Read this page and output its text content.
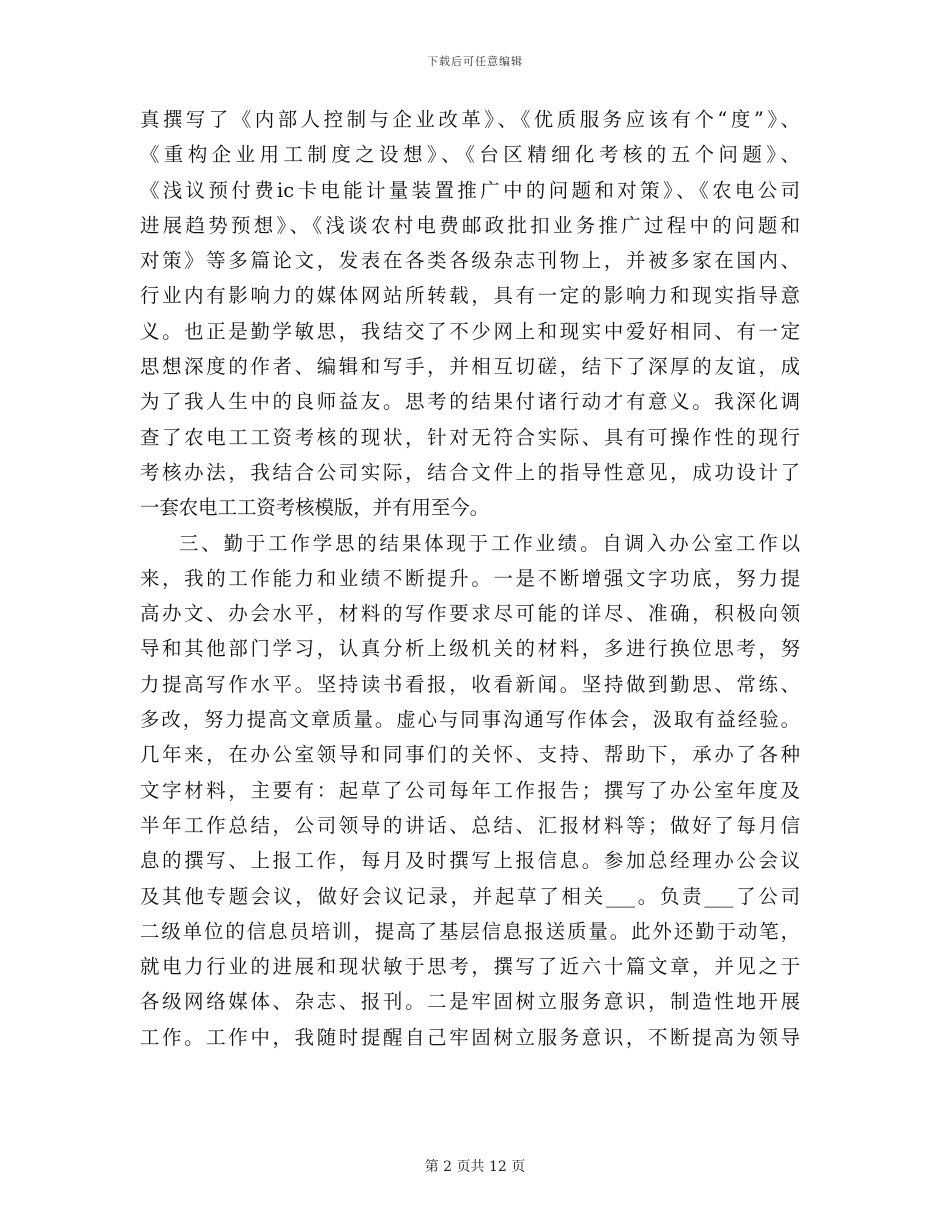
下载后可任意编辑
真撰写了《内部人控制与企业改革》、《优质服务应该有个“度”》、
《重构企业用工制度之设想》、《台区精细化考核的五个问题》、
《浅议预付费ic卡电能计量装置推广中的问题和对策》、《农电公司
进展趋势预想》、《浅谈农村电费邮政批扣业务推广过程中的问题和
对策》等多篇论文，发表在各类各级杂志刊物上，并被多家在国内、
行业内有影响力的媒体网站所转载，具有一定的影响力和现实指导意
义。也正是勤学敏思，我结交了不少网上和现实中爱好相同、有一定
思想深度的作者、编辑和写手，并相互切磋，结下了深厚的友谊，成
为了我人生中的良师益友。思考的结果付诸行动才有意义。我深化调
查了农电工工资考核的现状，针对无符合实际、具有可操作性的现行
考核办法，我结合公司实际，结合文件上的指导性意见，成功设计了
一套农电工工资考核模版，并有用至今。
三、勤于工作学思的结果体现于工作业绩。自调入办公室工作以
来，我的工作能力和业绩不断提升。一是不断增强文字功底，努力提
高办文、办会水平，材料的写作要求尽可能的详尽、准确，积极向领
导和其他部门学习，认真分析上级机关的材料，多进行换位思考，努
力提高写作水平。坚持读书看报，收看新闻。坚持做到勤思、常练、
多改，努力提高文章质量。虚心与同事沟通写作体会，汲取有益经验。
几年来，在办公室领导和同事们的关怀、支持、帮助下，承办了各种
文字材料，主要有：起草了公司每年工作报告；撰写了办公室年度及
半年工作总结，公司领导的讲话、总结、汇报材料等；做好了每月信
息的撰写、上报工作，每月及时撰写上报信息。参加总经理办公会议
及其他专题会议，做好会议记录，并起草了相关___。负责___了公司
二级单位的信息员培训，提高了基层信息报送质量。此外还勤于动笔，
就电力行业的进展和现状敏于思考，撰写了近六十篇文章，并见之于
各级网络媒体、杂志、报刊。二是牢固树立服务意识，制造性地开展
工作。工作中，我随时提醒自己牢固树立服务意识，不断提高为领导
第 2 页共 12 页
